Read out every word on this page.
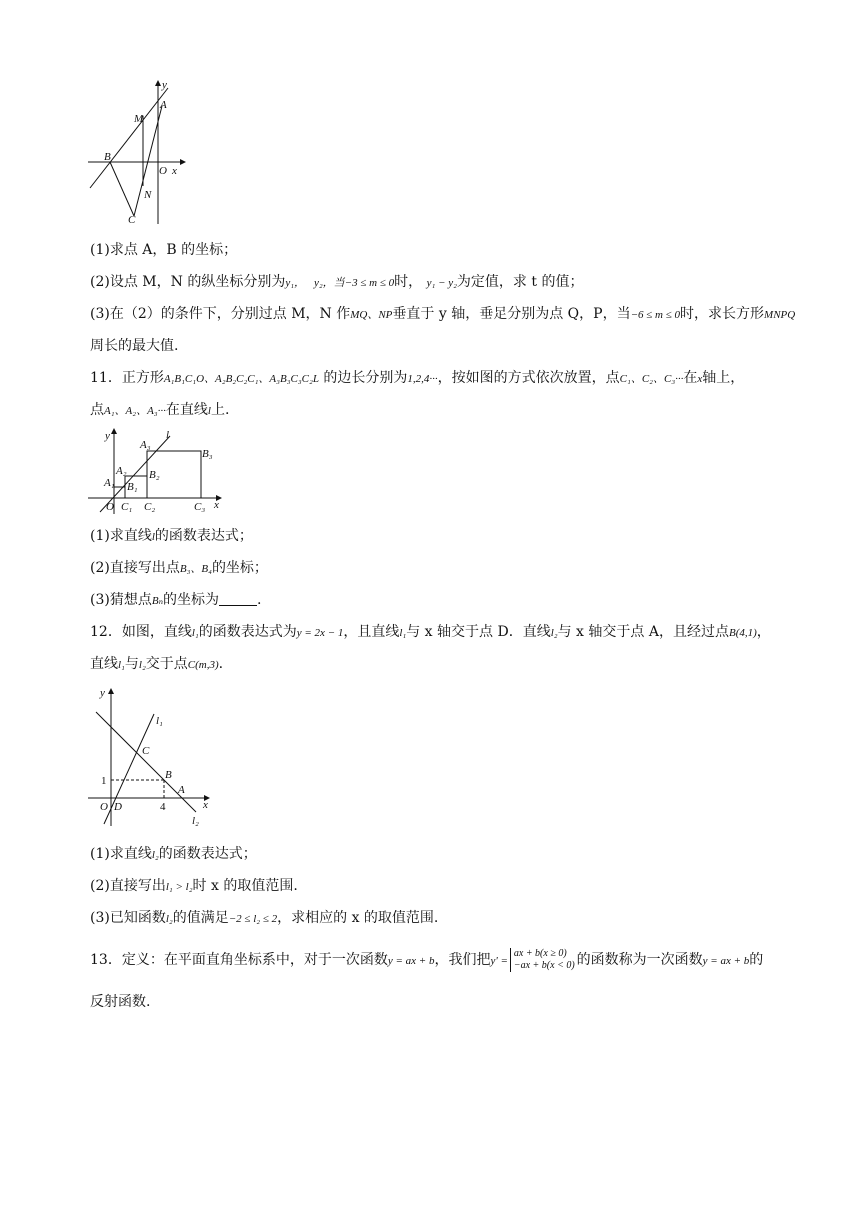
y
A
M
B
O x
N
C
(1)求点 A，B 的坐标；
(2)设点 M，N 的纵坐标分别为y₁， y₂，当−3 ≤ m ≤ 0时， y₁ − y₂为定值，求 t 的值；
(3)在（2）的条件下，分别过点 M，N 作MQ、NP垂直于 y 轴，垂足分别为点 Q，P，当−6 ≤ m ≤ 0时，求长方形MNPQ
周长的最大值.
11．正方形A₁B₁C₁O、A₂B₂C₂C₁、A₃B₃C₃C₂L 的边长分别为1,2,4···，按如图的方式依次放置，点C₁、C₂、C₃···在x轴上，
点A₁、A₂、A₃···在直线l上.
y
A₃
l
B₃
A₂ B₂
A₁ B₁
O C₁ C₂	C₃ x
(1)求直线l的函数表达式；
(2)直接写出点B₃、B₄的坐标；
(3)猜想点Bₙ的坐标为	.
12．如图，直线l₁的函数表达式为y = 2x − 1，且直线l₁与 x 轴交于点 D．直线l₂与 x 轴交于点 A，且经过点B(4,1)，
直线l₁与l₂交于点C(m,3).
y
l₁
C
1	B
A
O D	4	x
l₂
(1)求直线l₂的函数表达式；
(2)直接写出l₁ > l₂时 x 的取值范围.
(3)已知函数l₂的值满足−2 ≤ l₂ ≤ 2，求相应的 x 的取值范围.
13．定义：在平面直角坐标系中，对于一次函数y = ax + b，我们把y' =ax + b(x ≥ 0)
−ax + b(x < 0) 的函数称为一次函数y = ax + b的
反射函数.
